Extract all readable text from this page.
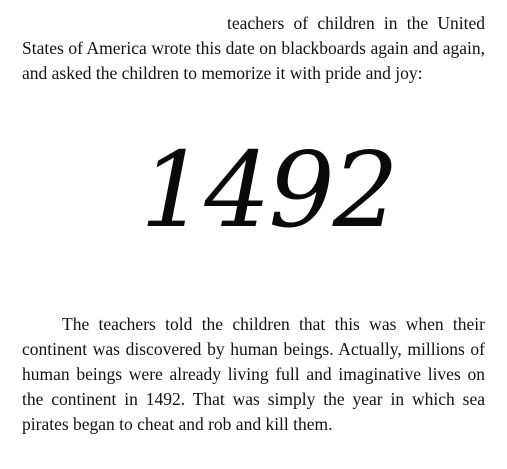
teachers of children in the United States of America wrote this date on blackboards again and again, and asked the children to memorize it with pride and joy:

1492

The teachers told the children that this was when their continent was discovered by human beings. Actually, millions of human beings were already living full and imaginative lives on the continent in 1492. That was simply the year in which sea pirates began to cheat and rob and kill them.
